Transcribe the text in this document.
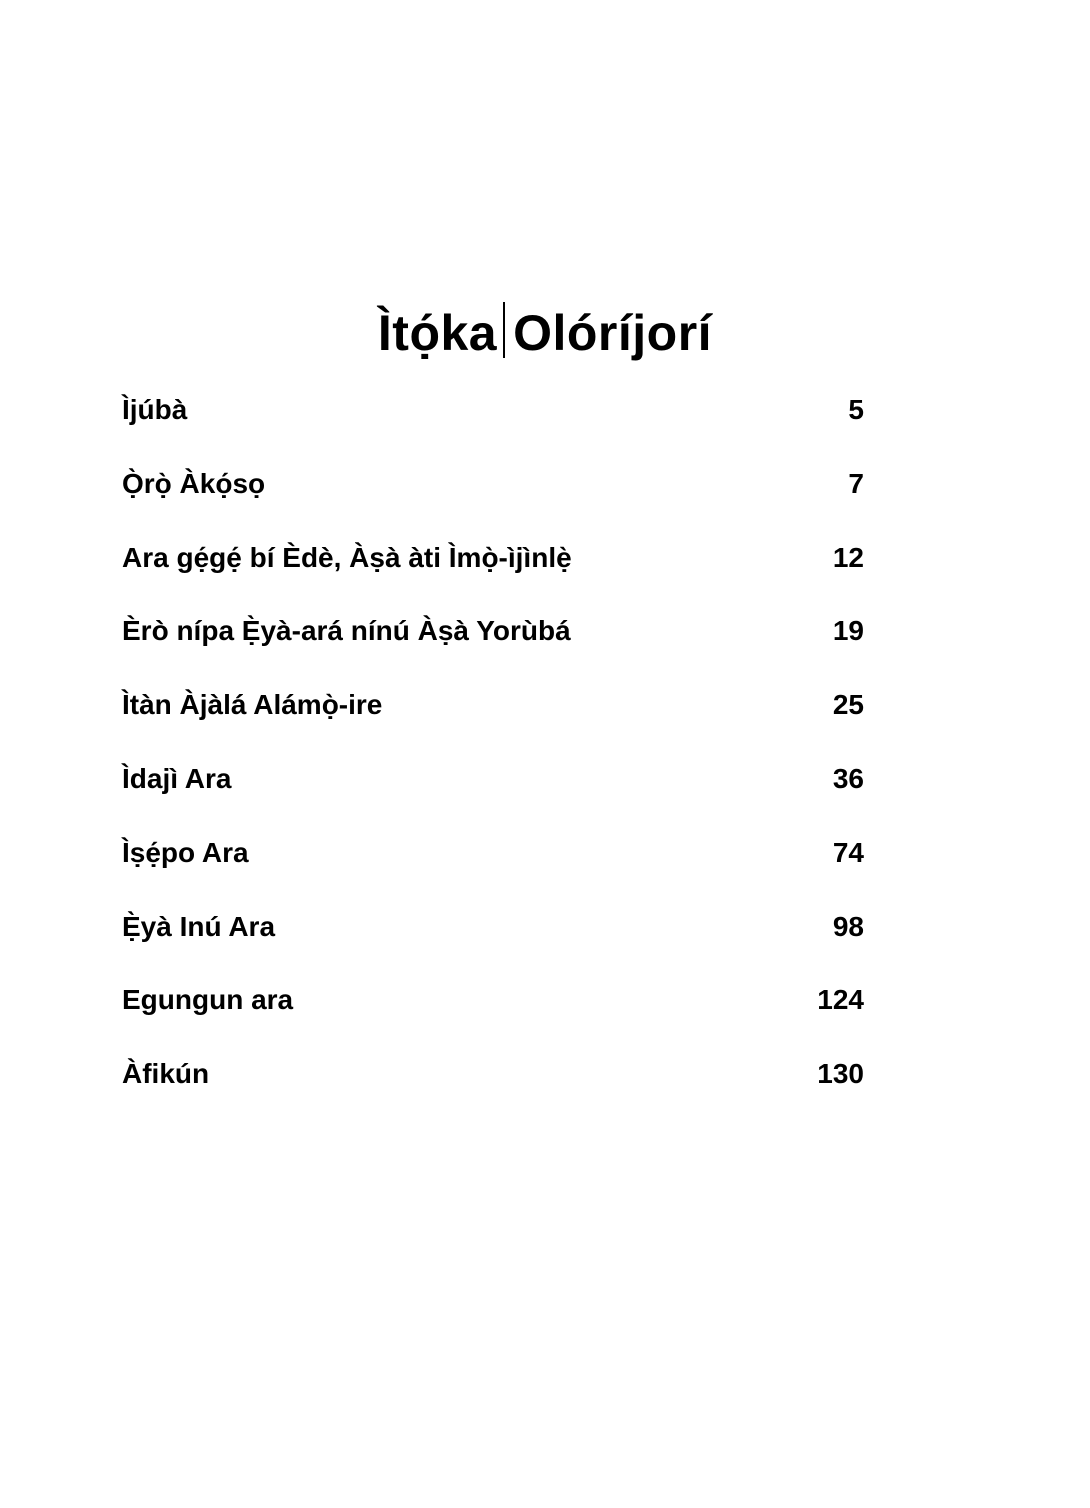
Ìtọ́ka Olóríjorí
Ìjúbà	5
Ọ̀rọ̀ Àkọ́sọ	7
Ara gẹ́gẹ́ bí Èdè, Àṣà àti Ìmọ̀-ìjìnlẹ̀	12
Èrò nípa Ẹ̀yà-ará nínú Àṣà Yorùbá	19
Ìtàn Àjàlá Alámọ̀-ire	25
Ìdajì Ara	36
Ìṣẹ́po Ara	74
Ẹ̀yà Inú Ara	98
Egungun ara	124
Àfikún	130
